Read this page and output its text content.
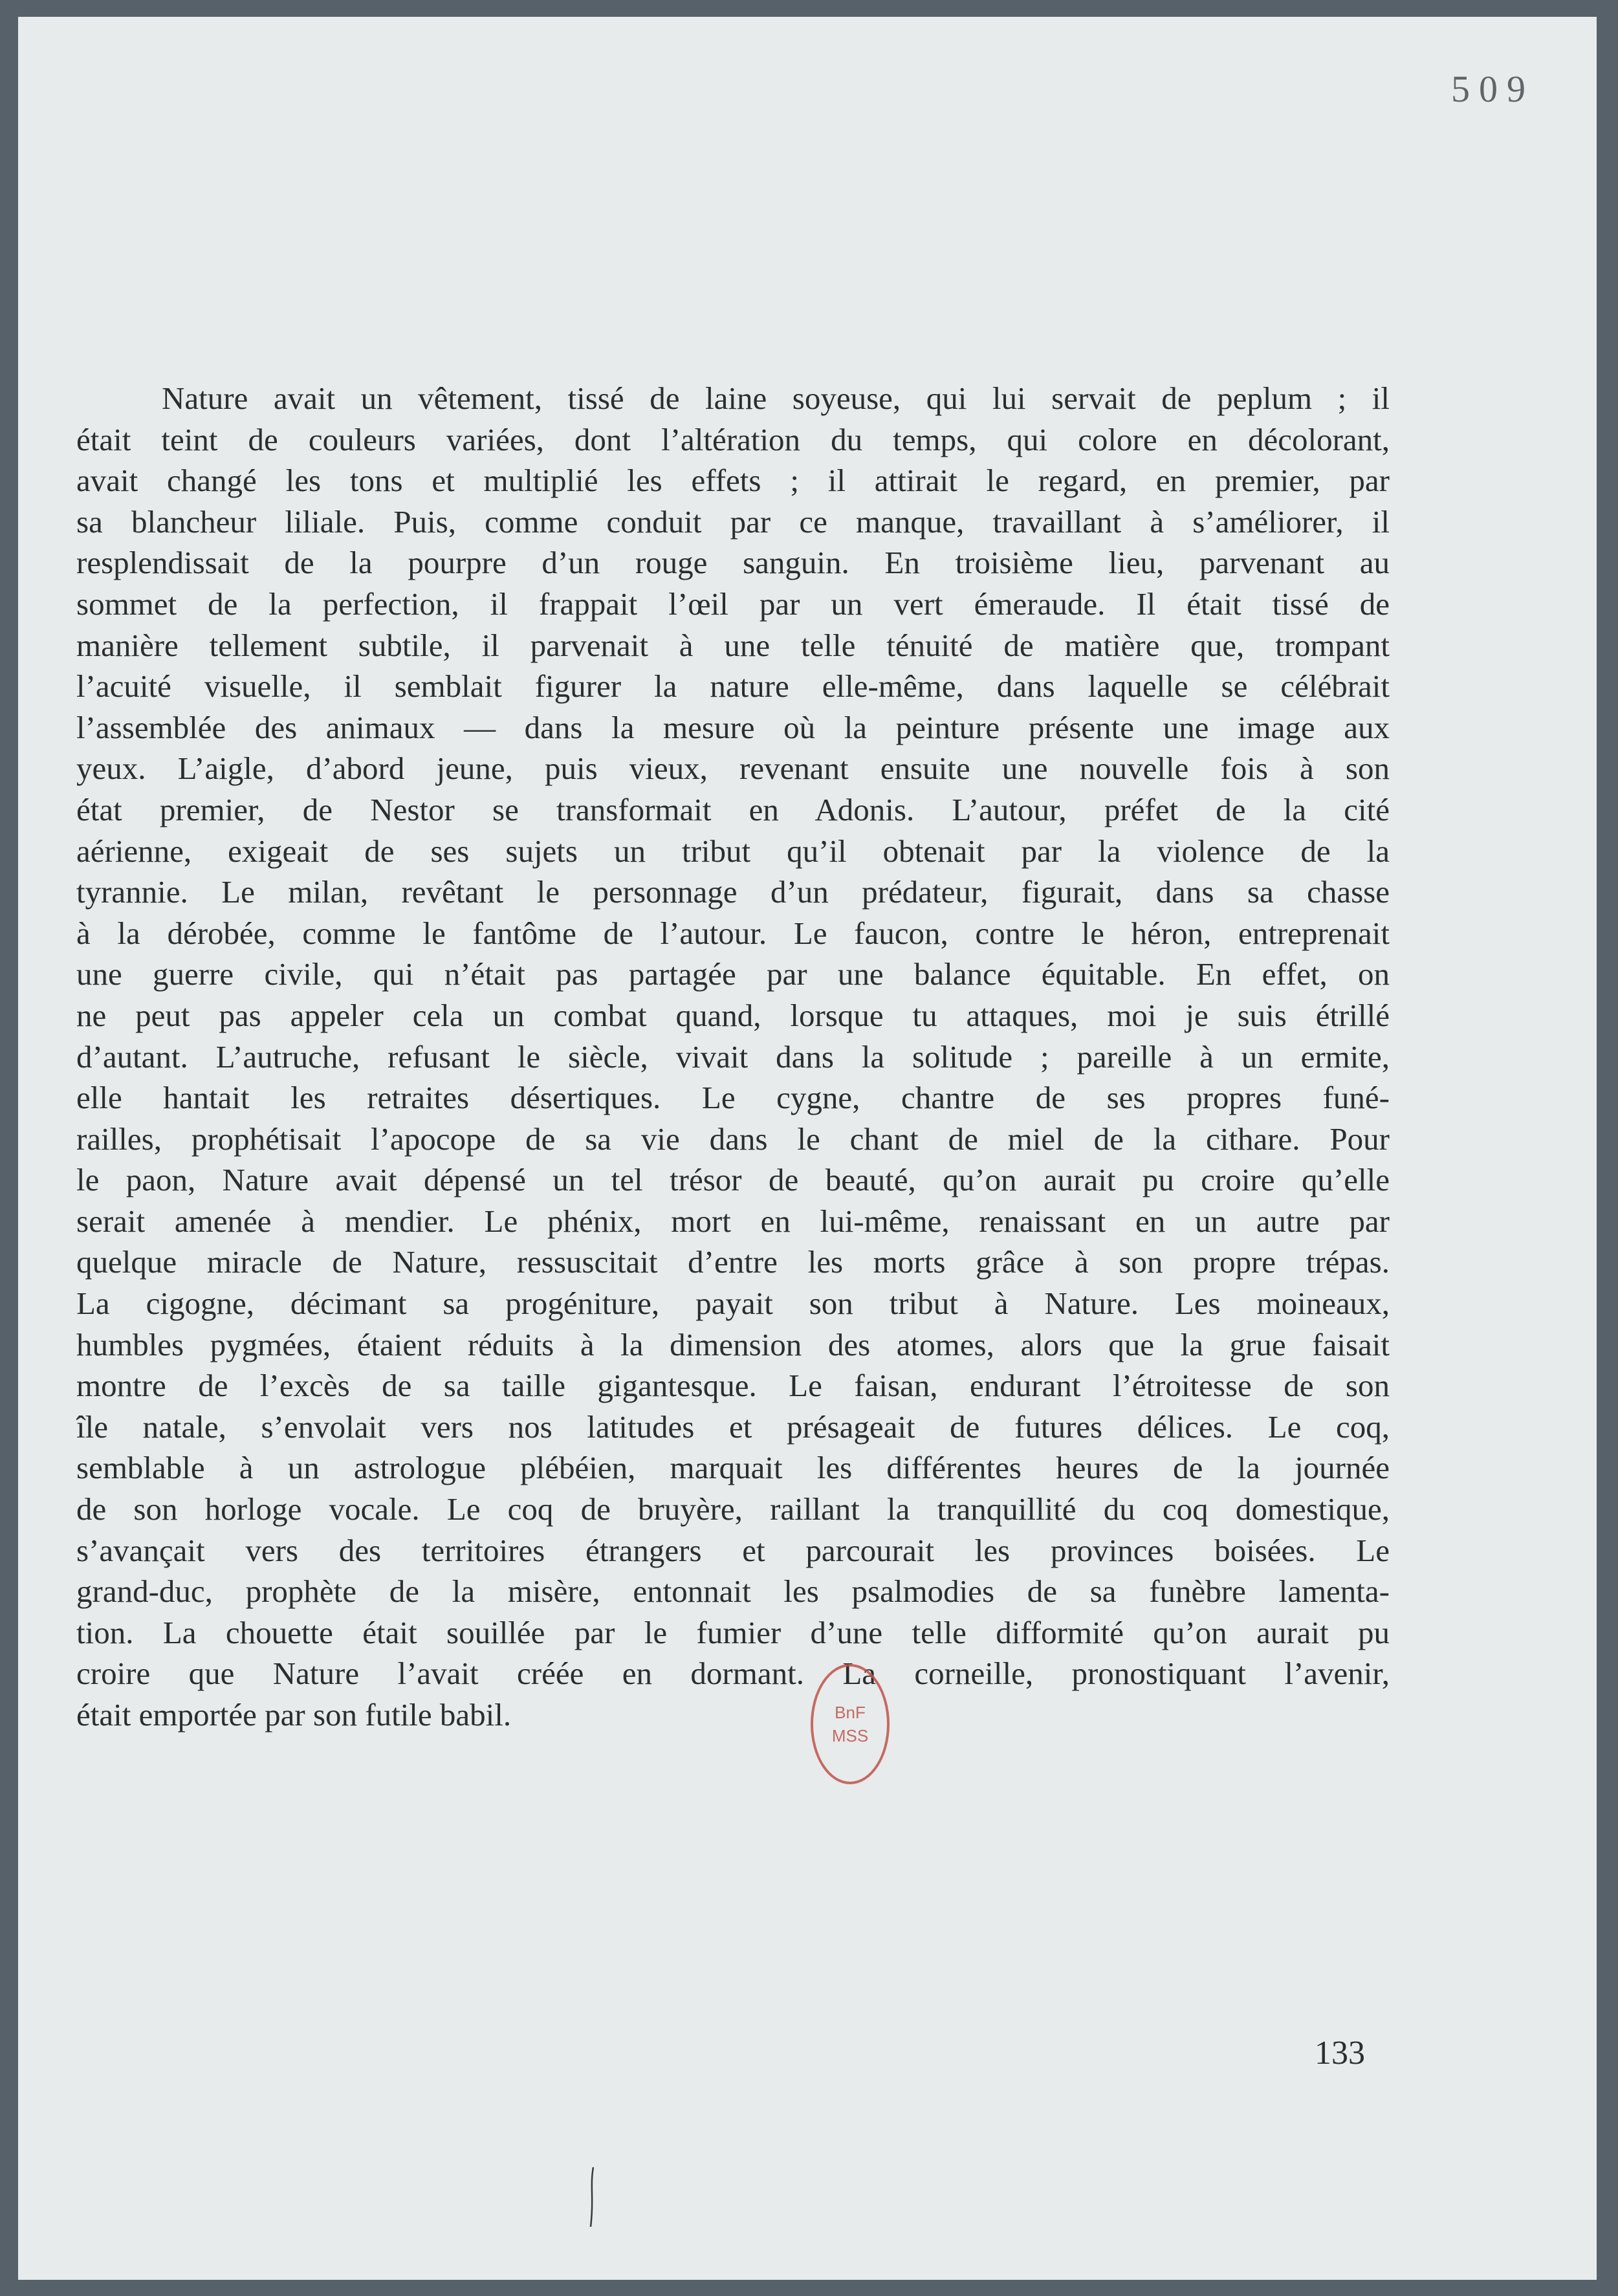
509
Nature avait un vêtement, tissé de laine soyeuse, qui lui servait de peplum ; il
était teint de couleurs variées, dont l’altération du temps, qui colore en décolorant,
avait changé les tons et multiplié les effets ; il attirait le regard, en premier, par
sa blancheur liliale. Puis, comme conduit par ce manque, travaillant à s’améliorer, il
resplendissait de la pourpre d’un rouge sanguin. En troisième lieu, parvenant au
sommet de la perfection, il frappait l’œil par un vert émeraude. Il était tissé de
manière tellement subtile, il parvenait à une telle ténuité de matière que, trompant
l’acuité visuelle, il semblait figurer la nature elle-même, dans laquelle se célébrait
l’assemblée des animaux — dans la mesure où la peinture présente une image aux
yeux. L’aigle, d’abord jeune, puis vieux, revenant ensuite une nouvelle fois à son
état premier, de Nestor se transformait en Adonis. L’autour, préfet de la cité
aérienne, exigeait de ses sujets un tribut qu’il obtenait par la violence de la
tyrannie. Le milan, revêtant le personnage d’un prédateur, figurait, dans sa chasse
à la dérobée, comme le fantôme de l’autour. Le faucon, contre le héron, entreprenait
une guerre civile, qui n’était pas partagée par une balance équitable. En effet, on
ne peut pas appeler cela un combat quand, lorsque tu attaques, moi je suis étrillé
d’autant. L’autruche, refusant le siècle, vivait dans la solitude ; pareille à un ermite,
elle hantait les retraites désertiques. Le cygne, chantre de ses propres funé-
railles, prophétisait l’apocope de sa vie dans le chant de miel de la cithare. Pour
le paon, Nature avait dépensé un tel trésor de beauté, qu’on aurait pu croire qu’elle
serait amenée à mendier. Le phénix, mort en lui-même, renaissant en un autre par
quelque miracle de Nature, ressuscitait d’entre les morts grâce à son propre trépas.
La cigogne, décimant sa progéniture, payait son tribut à Nature. Les moineaux,
humbles pygmées, étaient réduits à la dimension des atomes, alors que la grue faisait
montre de l’excès de sa taille gigantesque. Le faisan, endurant l’étroitesse de son
île natale, s’envolait vers nos latitudes et présageait de futures délices. Le coq,
semblable à un astrologue plébéien, marquait les différentes heures de la journée
de son horloge vocale. Le coq de bruyère, raillant la tranquillité du coq domestique,
s’avançait vers des territoires étrangers et parcourait les provinces boisées. Le
grand-duc, prophète de la misère, entonnait les psalmodies de sa funèbre lamenta-
tion. La chouette était souillée par le fumier d’une telle difformité qu’on aurait pu
croire que Nature l’avait créée en dormant. La corneille, pronostiquant l’avenir,
était emportée par son futile babil.	BnF
MSS
133
